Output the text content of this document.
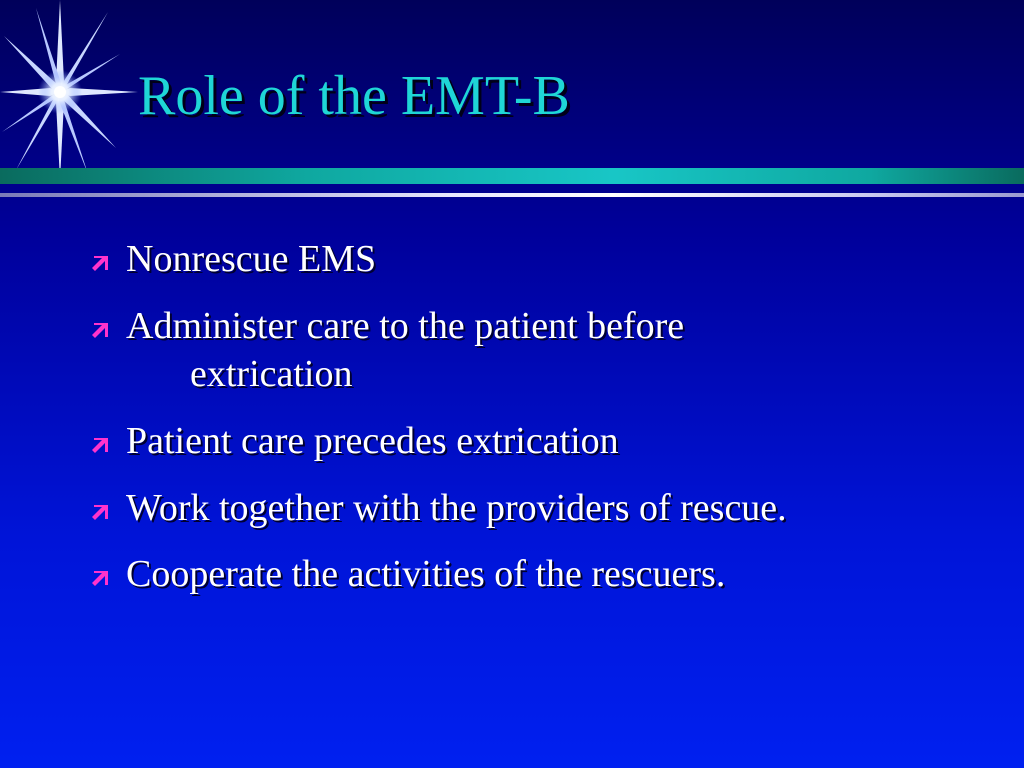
Role of the EMT-B
Nonrescue EMS
Administer care to the patient before
extrication
Patient care precedes extrication
Work together with the providers of rescue.
Cooperate the activities of the rescuers.
